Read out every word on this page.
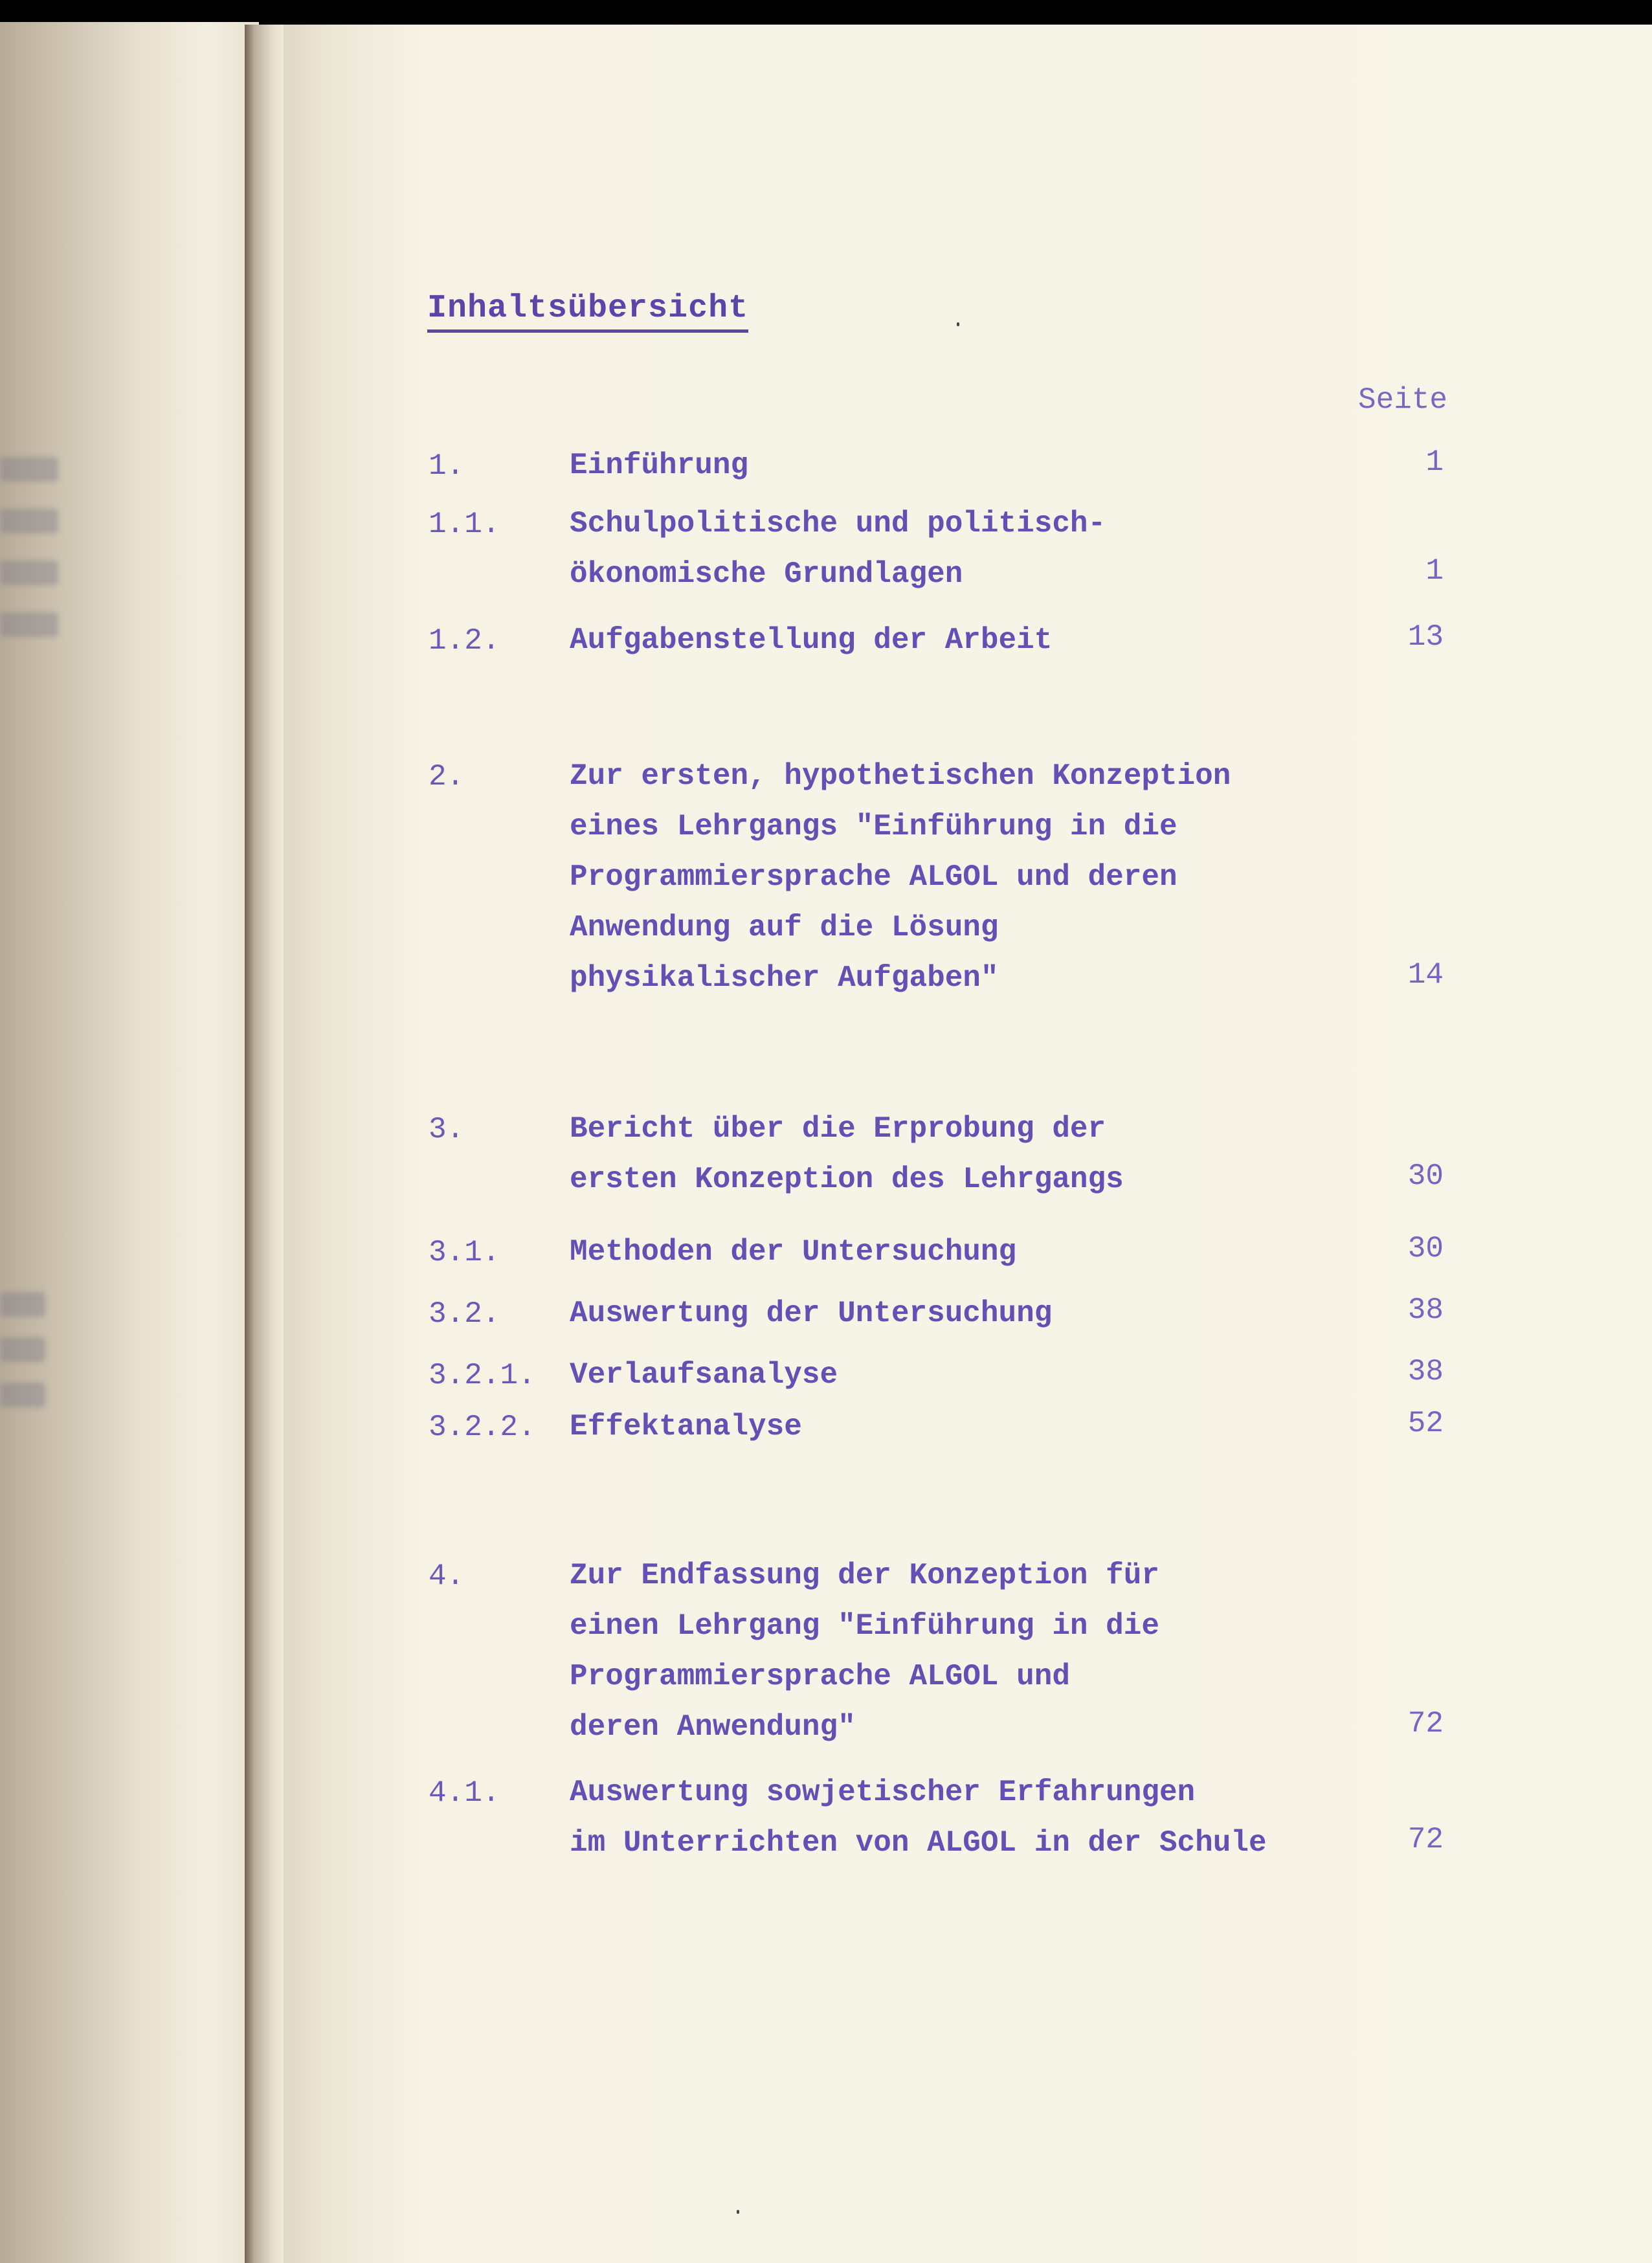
Inhaltsübersicht
Seite
1.	Einführung	1
1.1. Schulpolitische und politisch-
ökonomische Grundlagen	1
1.2. Aufgabenstellung der Arbeit	13
2.	Zur ersten, hypothetischen Konzeption
eines Lehrgangs "Einführung in die
Programmiersprache ALGOL und deren
Anwendung auf die Lösung
physikalischer Aufgaben"	14
3.	Bericht über die Erprobung der
ersten Konzeption des Lehrgangs	30
3.1. Methoden der Untersuchung	30
3.2. Auswertung der Untersuchung	38
3.2.1. Verlaufsanalyse	38
3.2.2. Effektanalyse	52
4.	Zur Endfassung der Konzeption für
einen Lehrgang "Einführung in die
Programmiersprache ALGOL und
deren Anwendung"	72
4.1. Auswertung sowjetischer Erfahrungen
im Unterrichten von ALGOL in der Schule	72
